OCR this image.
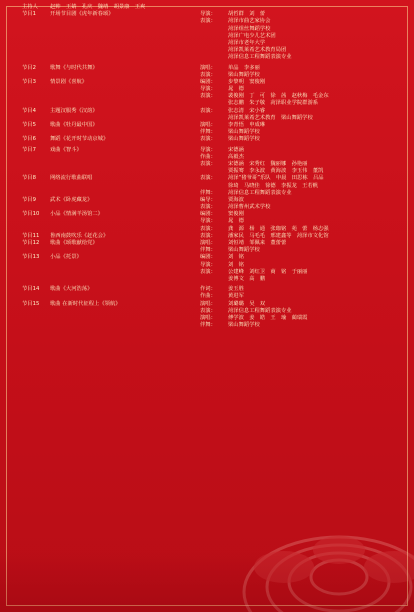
主持人	赵帅　王婧　孔庆　魏靖　胡景康　王爽
节目1	开场节目剧《虎年新春颂》	导演：	胡哲群　刘　蕾
表演：	菏泽市曲艺家协会
菏泽组丝舞蹈学校
菏泽广电少儿艺术团
菏泽市老年大学
菏泽凯莱希艺术教育局团
菏泽信息工程舞蹈表演专业
节目2	歌舞《与时代共舞》	演唱：	单晶　李多丽
表演：	梁山舞蹈学校
节目3	情景剧《喜航》	编剧：	步黎明　窦俊刚
导演：	晁　德
表演：	裴俊刚　丁　可　徐　茜　赵秋梅　毛金东
张志鹏　朱子敬　菏泽职业学院群游系
节目4	主题汉服秀《汉韵》	表演：	张志清　宋小睿
菏泽凯莱希艺术教育　梁山舞蹈学校
节目5	歌曲《牡丹最中国》	演唱：	李青悟　申成琳
伴舞：	梁山舞蹈学校
节目6	舞蹈《花开时节动京城》	表演：	梁山舞蹈学校
节目7	戏曲《智斗》	导演：	宋德涵
作曲：	高毅杰
表演：	宋德涵　宋秀红　魏丽娜　孙艳丽
贾振骞　李永波　黄海波　李玉伟　董凯
节目8	网络流行歌曲联唱	表演：	菏泽“猪爷哥”乐队　申晨　田思栋　吕品
徐琦　马晓佳　徐德　李振龙　王若帆
伴舞：	菏泽信息工程舞蹈表演专业
节目9	武术《卧虎藏龙》	编导：	贾海波
表演：	菏泽曹州武术学校
节目10	小品《情满羊汤馆二》	编剧：	窦俊刚
导演：	晁　德
表演：	龚　源　杨　通　张珈铭　苑　蕾　杨志强
节目11	鲁西南鼓吹乐《赶花会》	表演：	潘家民　马毛毛　邢建鑫等　菏泽市文化馆
节目12	歌曲《颂歌献给党》	演唱：	刘恒靖　邹佩来　董蕾蕾
伴舞：	梁山舞蹈学校
节目13	小品《托景》	编剧：	刘　铭
导演：	刘　铭
表演：	公建峰　刘红卫　商　铭　于丽丽
姜博文　高　鹏
节目14	歌曲《大河浩荡》	作词：	姜玉胜
作曲：	黄进军
节目15	歌曲 在新时代征程上《领航》	演唱：	刘璐璐　吴　双
表演：	菏泽信息工程舞蹈表演专业
演唱：	傅学波　姜　皓　王　瑜　蔺瑞霞
伴舞：	梁山舞蹈学校
